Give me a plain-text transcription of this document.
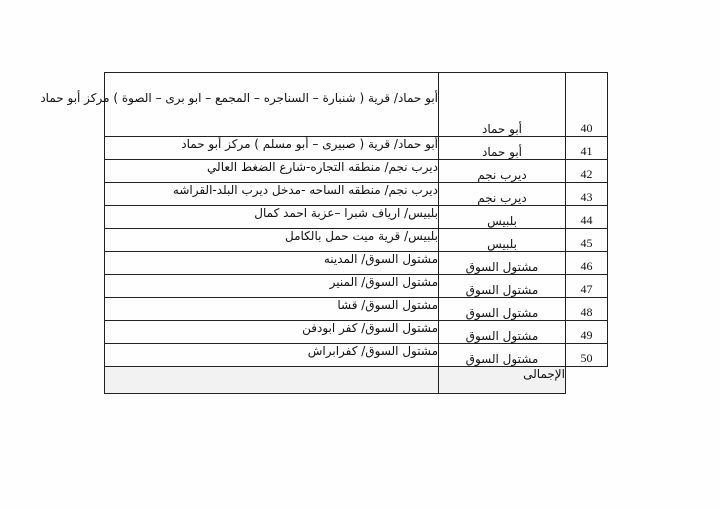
40	أبو حماد	أبو حماد/ قرية ( شنبارة – السناجره – المجمع – ابو برى – الصوة ) مركز أبو حماد
41	أبو حماد	أبو حماد/ قرية ( صبيرى – أبو مسلم ) مركز أبو حماد
42	ديرب نجم	ديرب نجم/ منطقه التجاره-شارع الضغط العالي
43	ديرب نجم	ديرب نجم/ منطقه الساحه -مدخل ديرب البلد-القراشه
44	بلبيس	بلبيس/ ارياف شبرا –عزبة احمد كمال
45	بلبيس	بلبيس/ قرية ميت حمل بالكامل
46	مشتول السوق	مشتول السوق/ المدينه
47	مشتول السوق	مشتول السوق/ المنير
48	مشتول السوق	مشتول السوق/ قشا
49	مشتول السوق	مشتول السوق/ كفر ابودفن
50	مشتول السوق	مشتول السوق/ كفرابراش
	الإجمالى	
